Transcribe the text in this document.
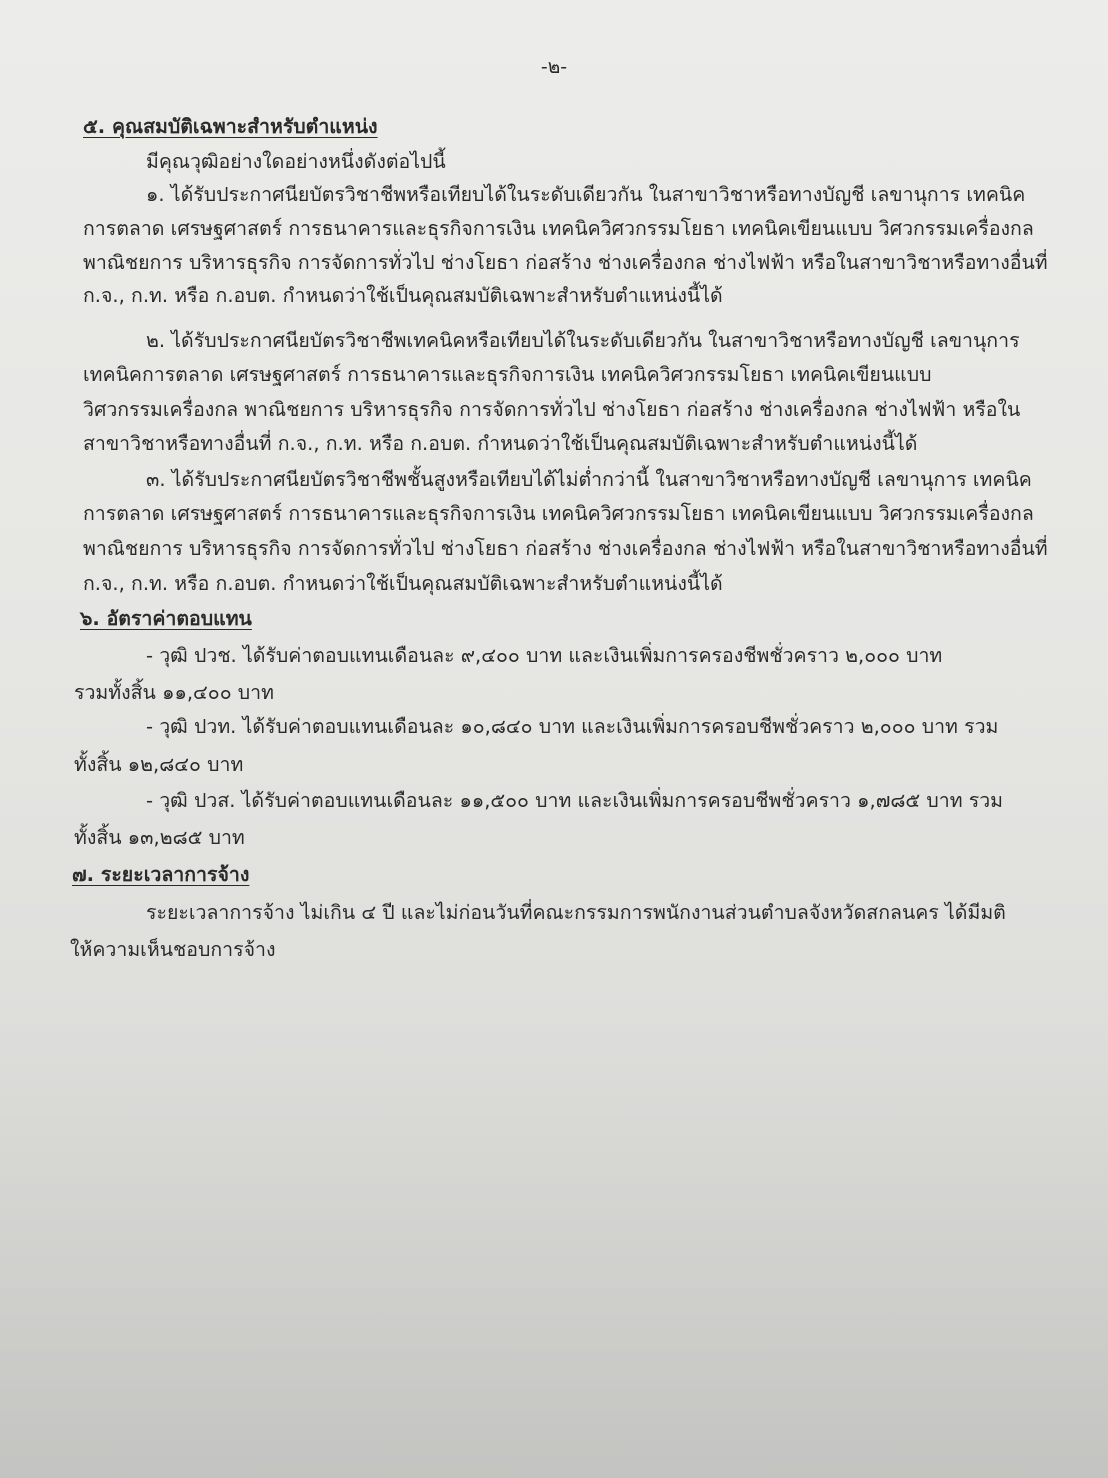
-๒-
๕. คุณสมบัติเฉพาะสำหรับตำแหน่ง
มีคุณวุฒิอย่างใดอย่างหนึ่งดังต่อไปนี้
๑. ได้รับประกาศนียบัตรวิชาชีพหรือเทียบได้ในระดับเดียวกัน ในสาขาวิชาหรือทางบัญชี เลขานุการ เทคนิค
การตลาด เศรษฐศาสตร์ การธนาคารและธุรกิจการเงิน เทคนิควิศวกรรมโยธา เทคนิคเขียนแบบ วิศวกรรมเครื่องกล
พาณิชยการ บริหารธุรกิจ การจัดการทั่วไป ช่างโยธา ก่อสร้าง ช่างเครื่องกล ช่างไฟฟ้า หรือในสาขาวิชาหรือทางอื่นที่
ก.จ., ก.ท. หรือ ก.อบต. กำหนดว่าใช้เป็นคุณสมบัติเฉพาะสำหรับตำแหน่งนี้ได้
๒. ได้รับประกาศนียบัตรวิชาชีพเทคนิคหรือเทียบได้ในระดับเดียวกัน ในสาขาวิชาหรือทางบัญชี เลขานุการ
เทคนิคการตลาด เศรษฐศาสตร์ การธนาคารและธุรกิจการเงิน เทคนิควิศวกรรมโยธา เทคนิคเขียนแบบ
วิศวกรรมเครื่องกล พาณิชยการ บริหารธุรกิจ การจัดการทั่วไป ช่างโยธา ก่อสร้าง ช่างเครื่องกล ช่างไฟฟ้า หรือใน
สาขาวิชาหรือทางอื่นที่ ก.จ., ก.ท. หรือ ก.อบต. กำหนดว่าใช้เป็นคุณสมบัติเฉพาะสำหรับตำแหน่งนี้ได้
๓. ได้รับประกาศนียบัตรวิชาชีพชั้นสูงหรือเทียบได้ไม่ต่ำกว่านี้ ในสาขาวิชาหรือทางบัญชี เลขานุการ เทคนิค
การตลาด เศรษฐศาสตร์ การธนาคารและธุรกิจการเงิน เทคนิควิศวกรรมโยธา เทคนิคเขียนแบบ วิศวกรรมเครื่องกล
พาณิชยการ บริหารธุรกิจ การจัดการทั่วไป ช่างโยธา ก่อสร้าง ช่างเครื่องกล ช่างไฟฟ้า หรือในสาขาวิชาหรือทางอื่นที่
ก.จ., ก.ท. หรือ ก.อบต. กำหนดว่าใช้เป็นคุณสมบัติเฉพาะสำหรับตำแหน่งนี้ได้
๖. อัตราค่าตอบแทน
- วุฒิ ปวช. ได้รับค่าตอบแทนเดือนละ ๙,๔๐๐ บาท และเงินเพิ่มการครองชีพชั่วคราว ๒,๐๐๐ บาท
รวมทั้งสิ้น ๑๑,๔๐๐ บาท
- วุฒิ ปวท. ได้รับค่าตอบแทนเดือนละ ๑๐,๘๔๐ บาท และเงินเพิ่มการครอบชีพชั่วคราว ๒,๐๐๐ บาท รวม
ทั้งสิ้น ๑๒,๘๔๐ บาท
- วุฒิ ปวส. ได้รับค่าตอบแทนเดือนละ ๑๑,๕๐๐ บาท และเงินเพิ่มการครอบชีพชั่วคราว ๑,๗๘๕ บาท รวม
ทั้งสิ้น ๑๓,๒๘๕ บาท
๗. ระยะเวลาการจ้าง
ระยะเวลาการจ้าง ไม่เกิน ๔ ปี และไม่ก่อนวันที่คณะกรรมการพนักงานส่วนตำบลจังหวัดสกลนคร ได้มีมติ
ให้ความเห็นชอบการจ้าง
